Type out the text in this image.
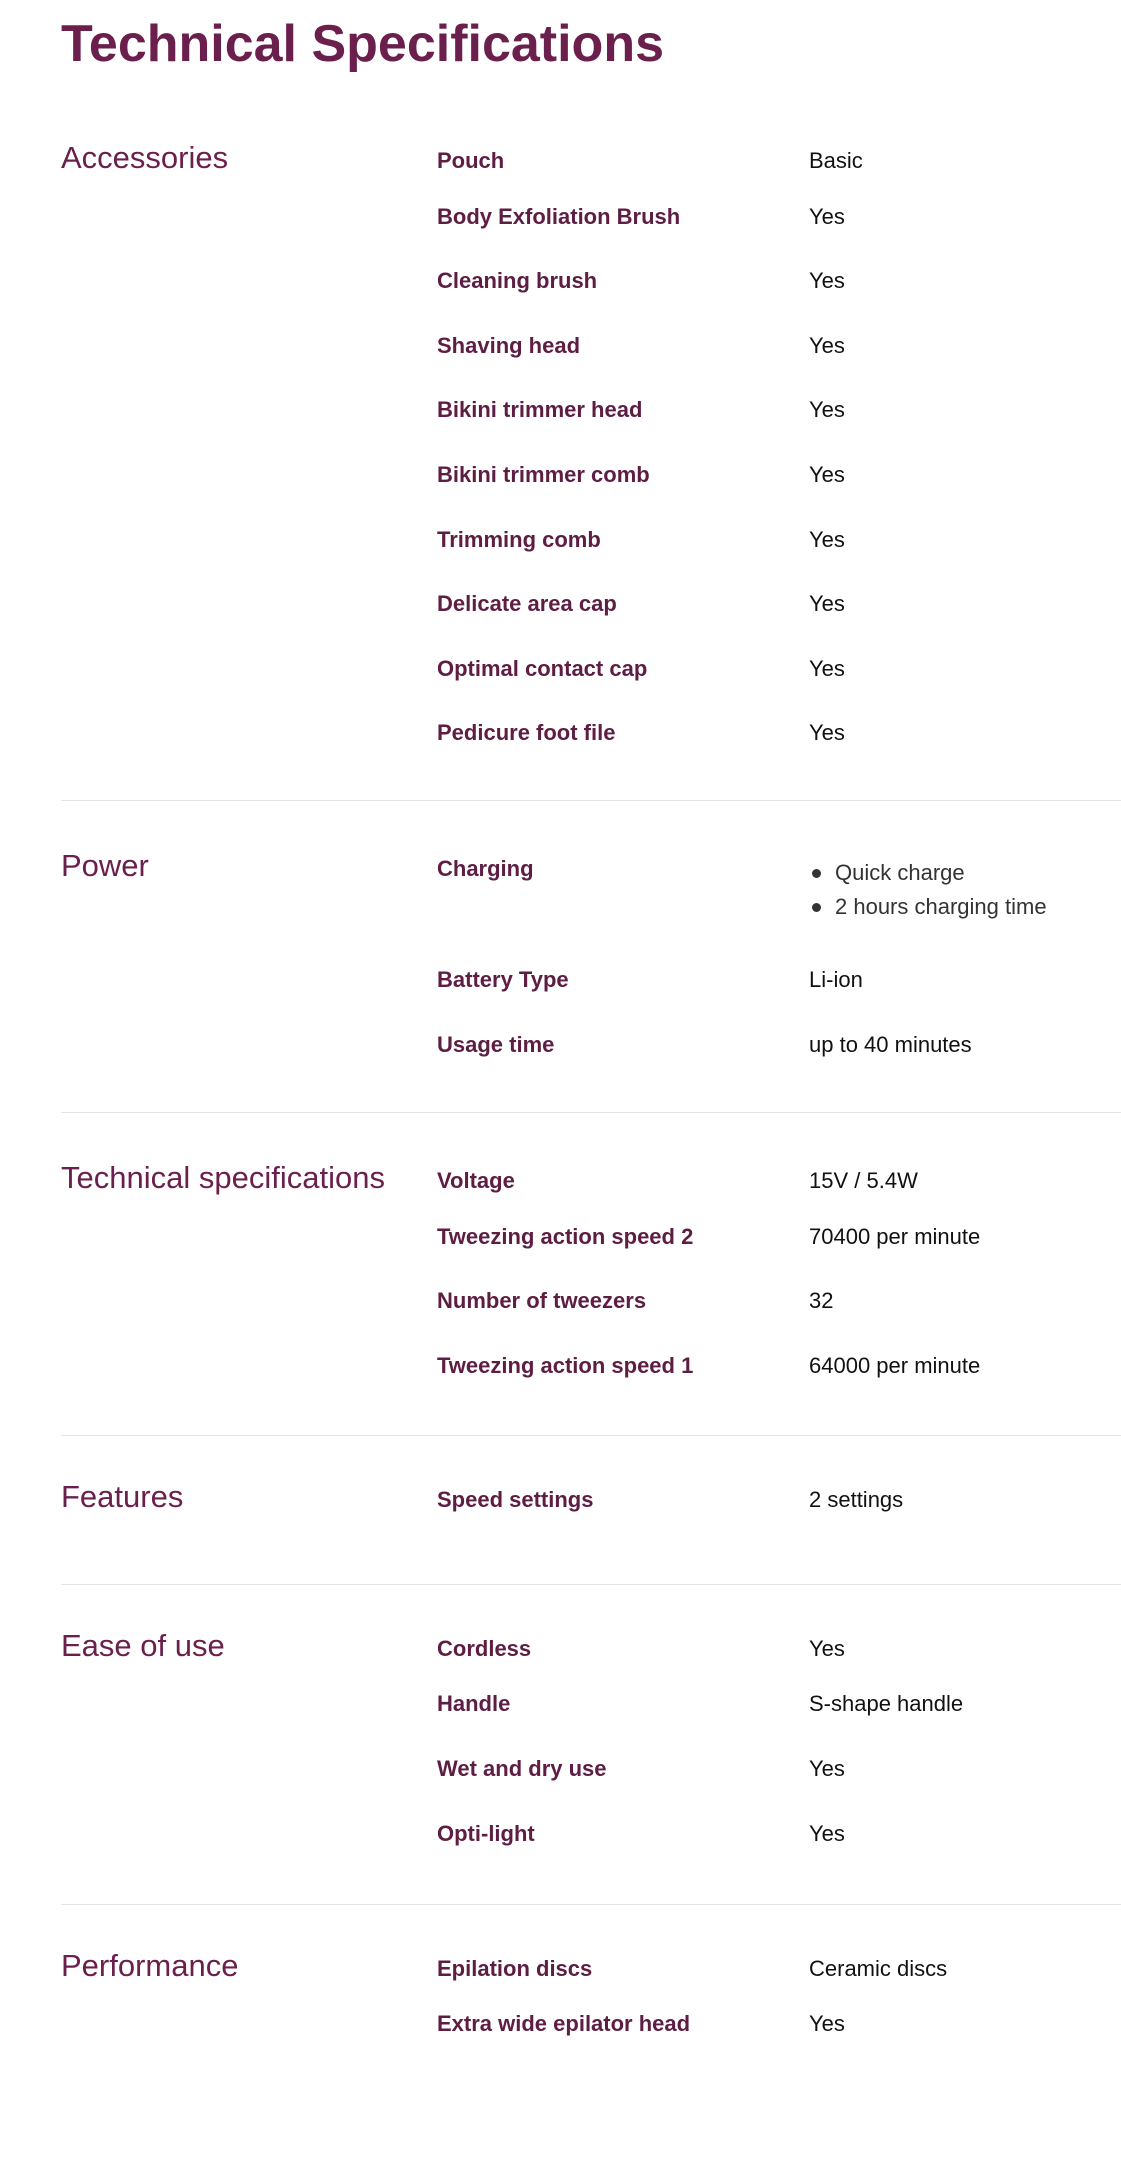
Technical Specifications
Accessories	Pouch	Basic
Body Exfoliation Brush	Yes
Cleaning brush	Yes
Shaving head	Yes
Bikini trimmer head	Yes
Bikini trimmer comb	Yes
Trimming comb	Yes
Delicate area cap	Yes
Optimal contact cap	Yes
Pedicure foot file	Yes
Power	Charging	Quick charge
2 hours charging time
Battery Type	Li-ion
Usage time	up to 40 minutes
Technical specifications	Voltage	15V / 5.4W
Tweezing action speed 2	70400 per minute
Number of tweezers	32
Tweezing action speed 1	64000 per minute
Features	Speed settings	2 settings
Ease of use	Cordless	Yes
Handle	S-shape handle
Wet and dry use	Yes
Opti-light	Yes
Performance	Epilation discs	Ceramic discs
Extra wide epilator head	Yes
